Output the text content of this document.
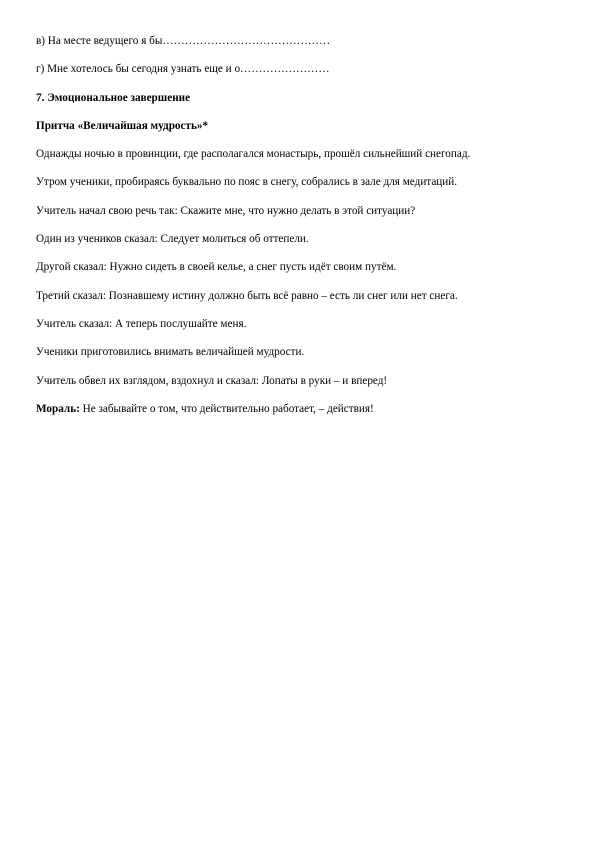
в) На месте ведущего я бы………………………………………

г) Мне хотелось бы сегодня узнать еще и о……………………

7. Эмоциональное завершение

Притча «Величайшая мудрость»*

Однажды ночью в провинции, где располагался монастырь, прошёл сильнейший снегопад.

Утром ученики, пробираясь буквально по пояс в снегу, собрались в зале для медитаций.

Учитель начал свою речь так: Скажите мне, что нужно делать в этой ситуации?

Один из учеников сказал: Следует молиться об оттепели.

Другой сказал: Нужно сидеть в своей келье, а снег пусть идёт своим путём.

Третий сказал: Познавшему истину должно быть всё равно – есть ли снег или нет снега.

Учитель сказал: А теперь послушайте меня.

Ученики приготовились внимать величайшей мудрости.

Учитель обвел их взглядом, вздохнул и сказал: Лопаты в руки – и вперед!

Мораль: Не забывайте о том, что действительно работает, – действия!
